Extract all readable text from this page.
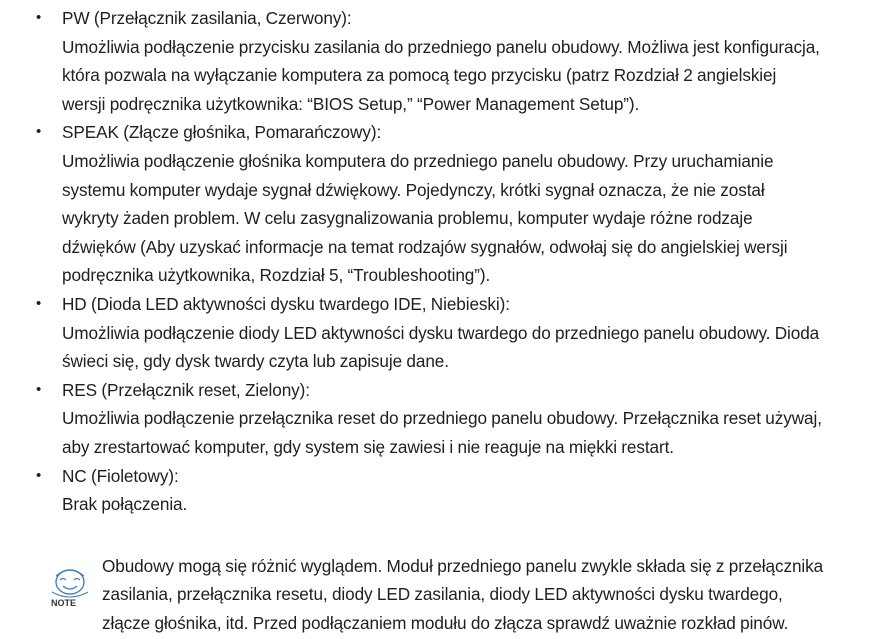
• PW (Przełącznik zasilania, Czerwony):
Umożliwia podłączenie przycisku zasilania do przedniego panelu obudowy. Możliwa jest konfiguracja,
która pozwala na wyłączanie komputera za pomocą tego przycisku (patrz Rozdział 2 angielskiej
wersji podręcznika użytkownika: “BIOS Setup,” “Power Management Setup”).
• SPEAK (Złącze głośnika, Pomarańczowy):
Umożliwia podłączenie głośnika komputera do przedniego panelu obudowy. Przy uruchamianie
systemu komputer wydaje sygnał dźwiękowy. Pojedynczy, krótki sygnał oznacza, że nie został
wykryty żaden problem. W celu zasygnalizowania problemu, komputer wydaje różne rodzaje
dźwięków (Aby uzyskać informacje na temat rodzajów sygnałów, odwołaj się do angielskiej wersji
podręcznika użytkownika, Rozdział 5, “Troubleshooting”).
• HD (Dioda LED aktywności dysku twardego IDE, Niebieski):
Umożliwia podłączenie diody LED aktywności dysku twardego do przedniego panelu obudowy. Dioda
świeci się, gdy dysk twardy czyta lub zapisuje dane.
• RES (Przełącznik reset, Zielony):
Umożliwia podłączenie przełącznika reset do przedniego panelu obudowy. Przełącznika reset używaj,
aby zrestartować komputer, gdy system się zawiesi i nie reaguje na miękki restart.
• NC (Fioletowy):
Brak połączenia.
NOTE
Obudowy mogą się różnić wyglądem. Moduł przedniego panelu zwykle składa się z przełącznika
zasilania, przełącznika resetu, diody LED zasilania, diody LED aktywności dysku twardego,
złącze głośnika, itd. Przed podłączaniem modułu do złącza sprawdź uważnie rozkład pinów.
